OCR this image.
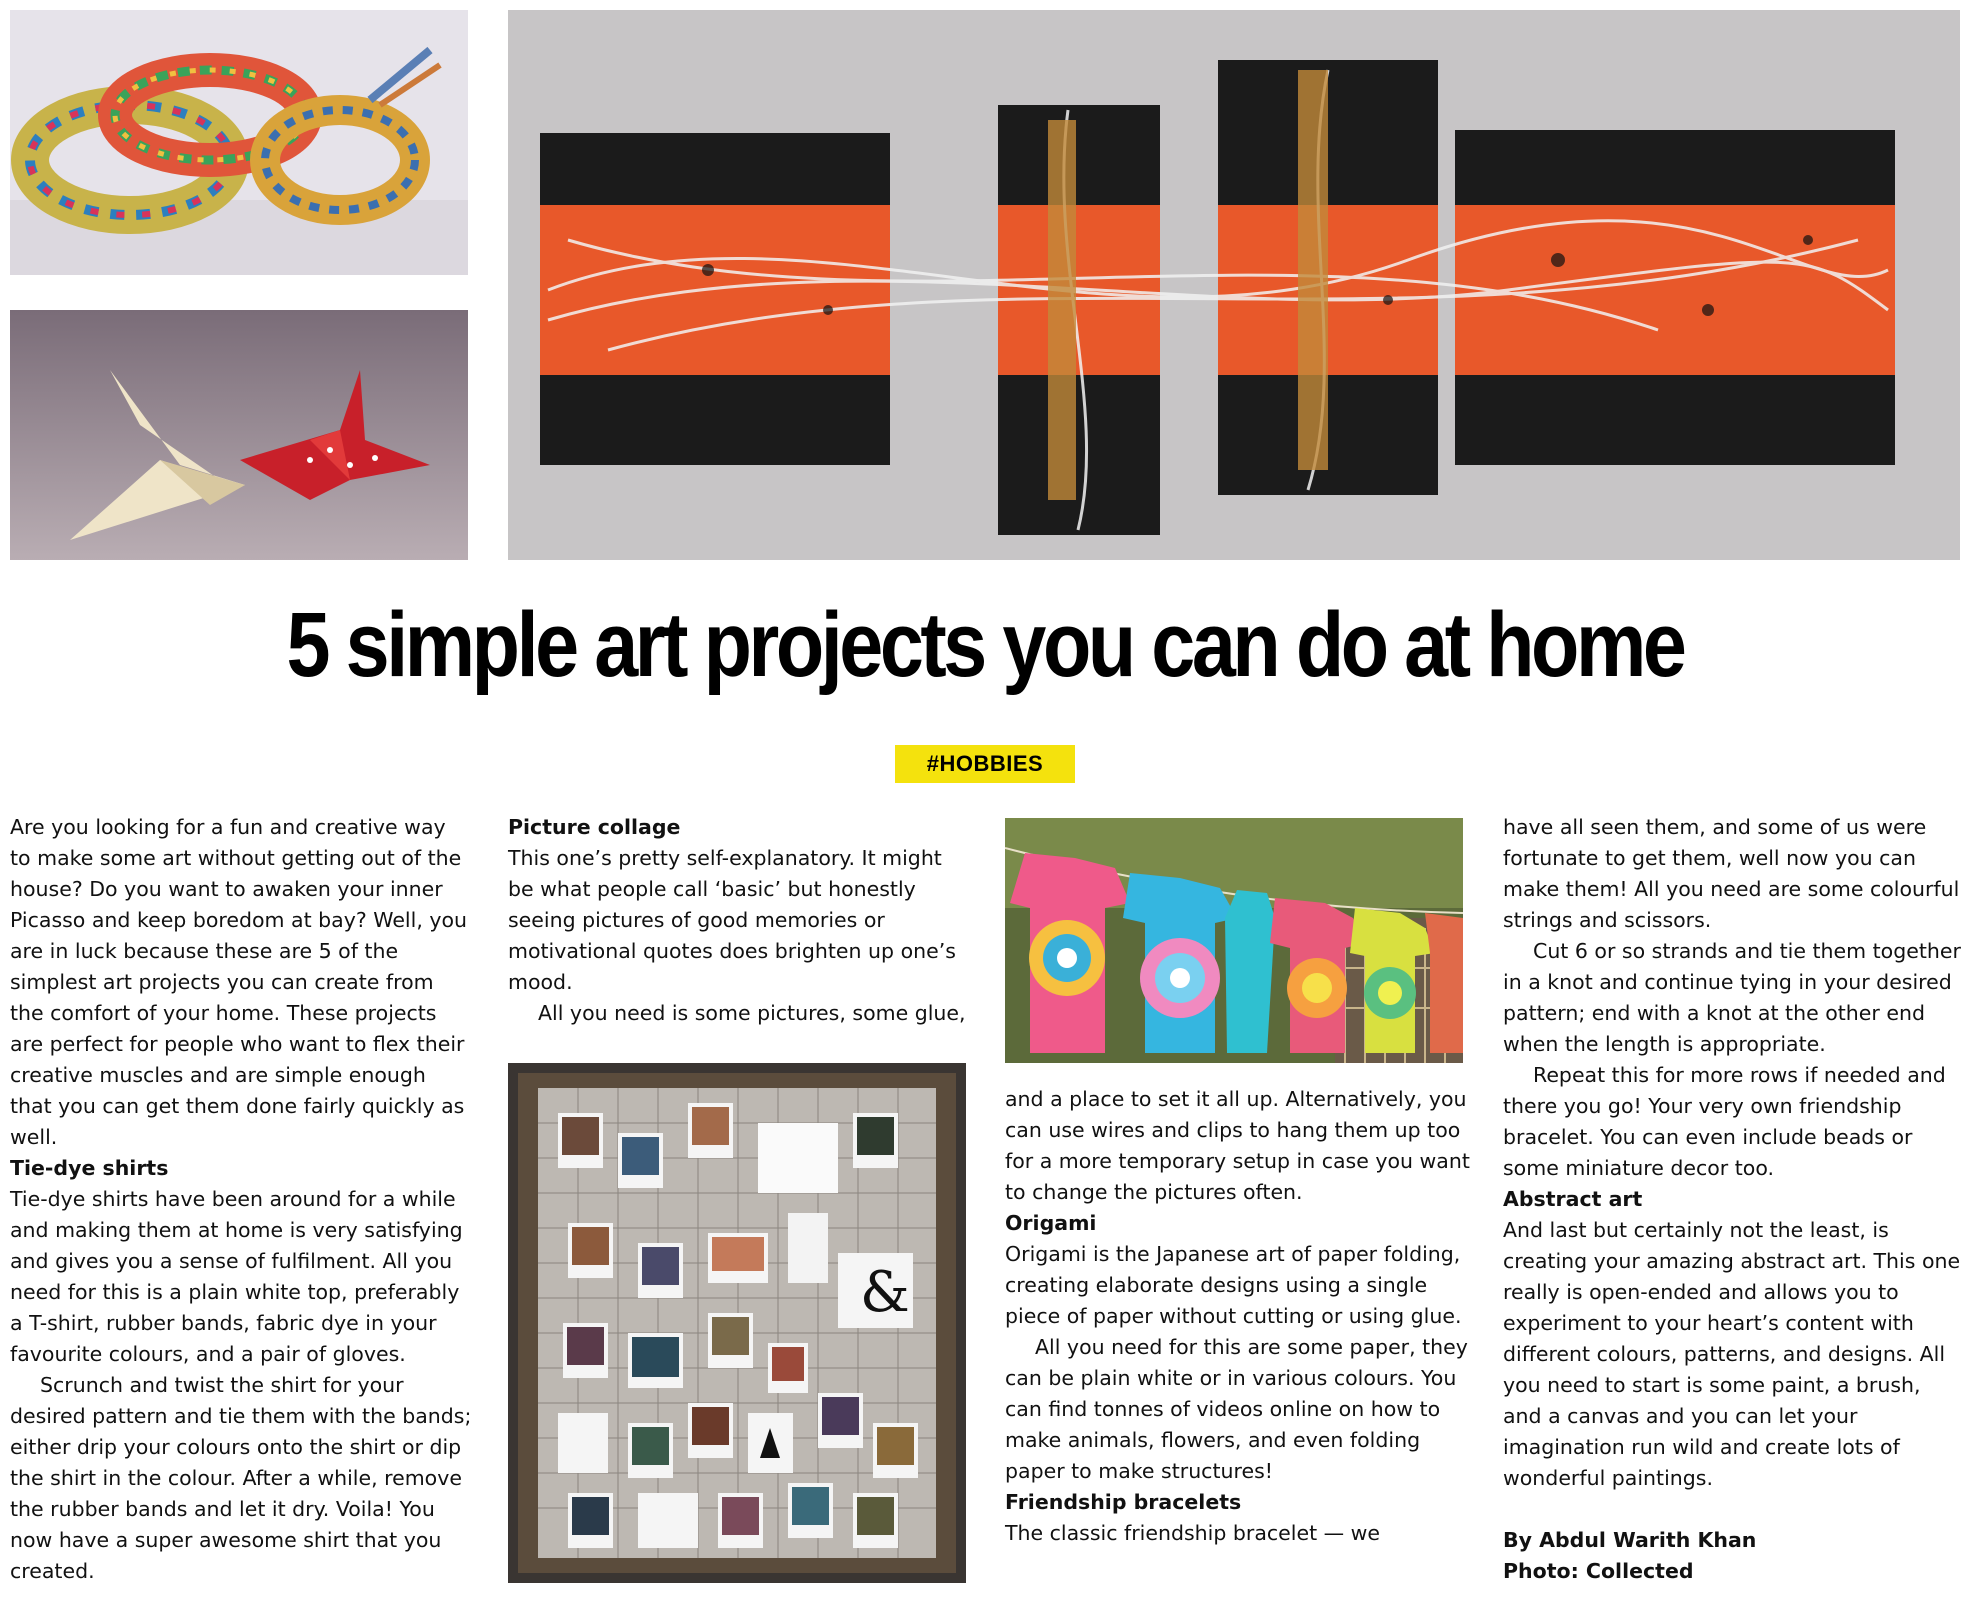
5 simple art projects you can do at home
#HOBBIES

Are you looking for a fun and creative way to make some art without getting out of the house? Do you want to awaken your inner Picasso and keep boredom at bay? Well, you are in luck because these are 5 of the simplest art projects you can create from the comfort of your home. These projects are perfect for people who want to flex their creative muscles and are simple enough that you can get them done fairly quickly as well.

Tie-dye shirts

Tie-dye shirts have been around for a while and making them at home is very satisfying and gives you a sense of fulfilment. All you need for this is a plain white top, preferably a T-shirt, rubber bands, fabric dye in your favourite colours, and a pair of gloves.

Scrunch and twist the shirt for your desired pattern and tie them with the bands; either drip your colours onto the shirt or dip the shirt in the colour. After a while, remove the rubber bands and let it dry. Voila! You now have a super awesome shirt that you created.

Picture collage

This one’s pretty self-explanatory. It might be what people call ‘basic’ but honestly seeing pictures of good memories or motivational quotes does brighten up one’s mood.

All you need is some pictures, some glue,

&

and a place to set it all up. Alternatively, you can use wires and clips to hang them up too for a more temporary setup in case you want to change the pictures often.

Origami

Origami is the Japanese art of paper folding, creating elaborate designs using a single piece of paper without cutting or using glue.

All you need for this are some paper, they can be plain white or in various colours. You can find tonnes of videos online on how to make animals, flowers, and even folding paper to make structures!

Friendship bracelets

The classic friendship bracelet — we

have all seen them, and some of us were fortunate to get them, well now you can make them! All you need are some colourful strings and scissors.

Cut 6 or so strands and tie them together in a knot and continue tying in your desired pattern; end with a knot at the other end when the length is appropriate.

Repeat this for more rows if needed and there you go! Your very own friendship bracelet. You can even include beads or some miniature decor too.

Abstract art

And last but certainly not the least, is creating your amazing abstract art. This one really is open-ended and allows you to experiment to your heart’s content with different colours, patterns, and designs. All you need to start is some paint, a brush, and a canvas and you can let your imagination run wild and create lots of wonderful paintings.

By Abdul Warith Khan

Photo: Collected
